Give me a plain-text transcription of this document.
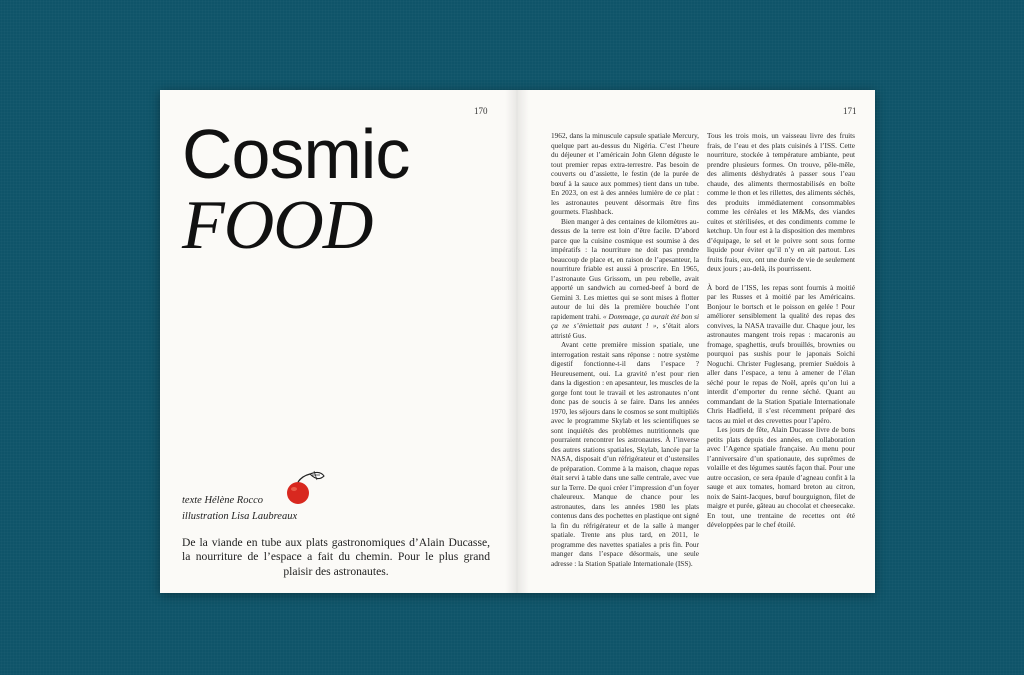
170
Cosmic
FOOD
texte Hélène Rocco
illustration Lisa Laubreaux
De la viande en tube aux plats gastronomiques d’Alain Ducasse, la nourriture de l’espace a fait du chemin. Pour le plus grand plaisir des astronautes.
171

1962, dans la minuscule capsule spatiale Mercury, quelque part au-dessus du Nigéria. C’est l’heure du déjeuner et l’américain John Glenn déguste le tout premier repas extra-terrestre. Pas besoin de couverts ou d’assiette, le festin (de la purée de bœuf à la sauce aux pommes) tient dans un tube. En 2023, on est à des années lumière de ce plat : les astronautes peuvent désormais être fins gourmets. Flashback.

Bien manger à des centaines de kilomètres au-dessus de la terre est loin d’être facile. D’abord parce que la cuisine cosmique est soumise à des impératifs : la nourriture ne doit pas prendre beaucoup de place et, en raison de l’apesanteur, la nourriture friable est aussi à proscrire. En 1965, l’astronaute Gus Grissom, un peu rebelle, avait apporté un sandwich au corned-beef à bord de Gemini 3. Les miettes qui se sont mises à flotter autour de lui dès la première bouchée l’ont rapidement trahi. « Dommage, ça aurait été bon si ça ne s’émiettait pas autant ! », s’était alors attristé Gus.

Avant cette première mission spatiale, une interrogation restait sans réponse : notre système digestif fonctionne-t-il dans l’espace ? Heureusement, oui. La gravité n’est pour rien dans la digestion : en apesanteur, les muscles de la gorge font tout le travail et les astronautes n’ont donc pas de soucis à se faire. Dans les années 1970, les séjours dans le cosmos se sont multipliés avec le programme Skylab et les scientifiques se sont inquiétés des problèmes nutritionnels que pourraient rencontrer les astronautes. À l’inverse des autres stations spatiales, Skylab, lancée par la NASA, disposait d’un réfrigérateur et d’ustensiles de préparation. Comme à la maison, chaque repas était servi à table dans une salle centrale, avec vue sur la Terre. De quoi créer l’impression d’un foyer chaleureux. Manque de chance pour les astronautes, dans les années 1980 les plats contenus dans des pochettes en plastique ont signé la fin du réfrigérateur et de la salle à manger spatiale. Trente ans plus tard, en 2011, le programme des navettes spatiales a pris fin. Pour manger dans l’espace désormais, une seule adresse : la Station Spatiale Internationale (ISS).

Tous les trois mois, un vaisseau livre des fruits frais, de l’eau et des plats cuisinés à l’ISS. Cette nourriture, stockée à température ambiante, peut prendre plusieurs formes. On trouve, pêle-mêle, des aliments déshydratés à passer sous l’eau chaude, des aliments thermostabilisés en boîte comme le thon et les rillettes, des aliments séchés, des produits immédiatement consommables comme les céréales et les M&Ms, des viandes cuites et stérilisées, et des condiments comme le ketchup. Un four est à la disposition des membres d’équipage, le sel et le poivre sont sous forme liquide pour éviter qu’il n’y en ait partout. Les fruits frais, eux, ont une durée de vie de seulement deux jours ; au-delà, ils pourrissent.

À bord de l’ISS, les repas sont fournis à moitié par les Russes et à moitié par les Américains. Bonjour le bortsch et le poisson en gelée ! Pour améliorer sensiblement la qualité des repas des convives, la NASA travaille dur. Chaque jour, les astronautes mangent trois repas : macaronis au fromage, spaghettis, œufs brouillés, brownies ou pourquoi pas sushis pour le japonais Soichi Noguchi. Christer Fuglesang, premier Suédois à aller dans l’espace, a tenu à amener de l’élan séché pour le repas de Noël, après qu’on lui a interdit d’emporter du renne séché. Quant au commandant de la Station Spatiale Internationale Chris Hadfield, il s’est récemment préparé des tacos au miel et des crevettes pour l’apéro.

Les jours de fête, Alain Ducasse livre de bons petits plats depuis des années, en collaboration avec l’Agence spatiale française. Au menu pour l’anniversaire d’un spationaute, des suprêmes de volaille et des légumes sautés façon thaï. Pour une autre occasion, ce sera épaule d’agneau confit à la sauge et aux tomates, homard breton au citron, noix de Saint-Jacques, bœuf bourguignon, filet de maigre et purée, gâteau au chocolat et cheesecake. En tout, une trentaine de recettes ont été développées par le chef étoilé.
